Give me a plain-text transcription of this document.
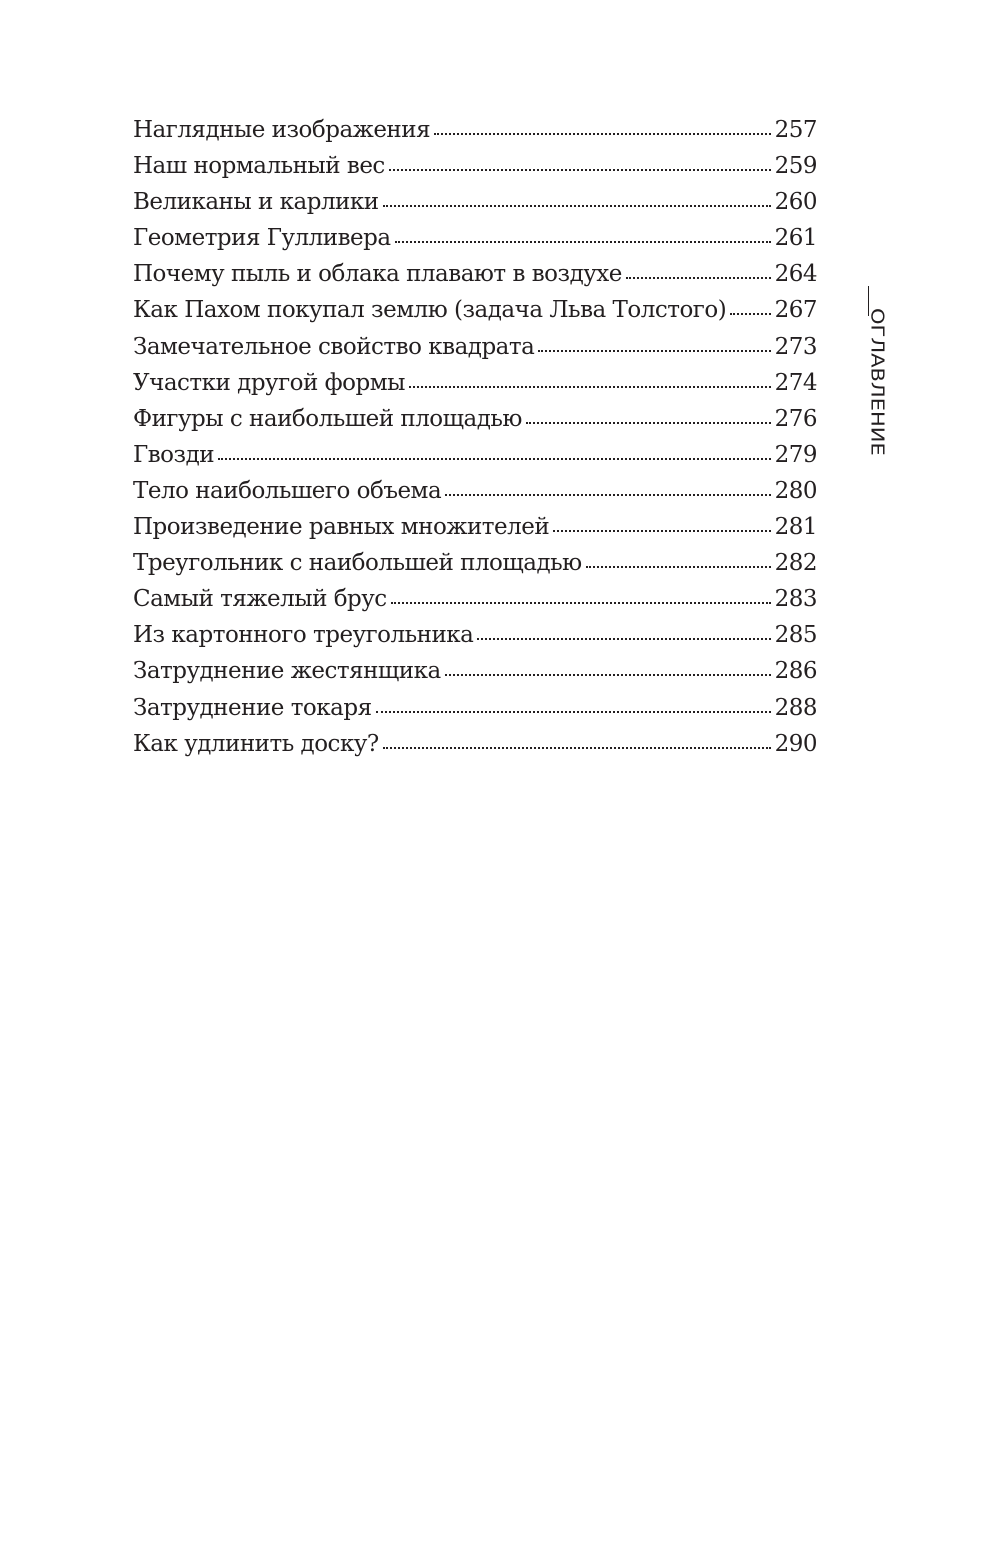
Наглядные изображения	257
Наш нормальный вес	259
Великаны и карлики	260
Геометрия Гулливера	261
Почему пыль и облака плавают в воздухе	264
Как Пахом покупал землю (задача Льва Толстого) 267
Замечательное свойство квадрата	273
Участки другой формы	274
Фигуры с наибольшей площадью	276
Гвозди	279
Тело наибольшего объема	280
Произведение равных множителей	281
Треугольник с наибольшей площадью	282
Самый тяжелый брус	283
Из картонного треугольника	285
Затруднение жестянщика	286
Затруднение токаря	288
Как удлинить доску?	290
ОГЛАВЛЕНИЕ
